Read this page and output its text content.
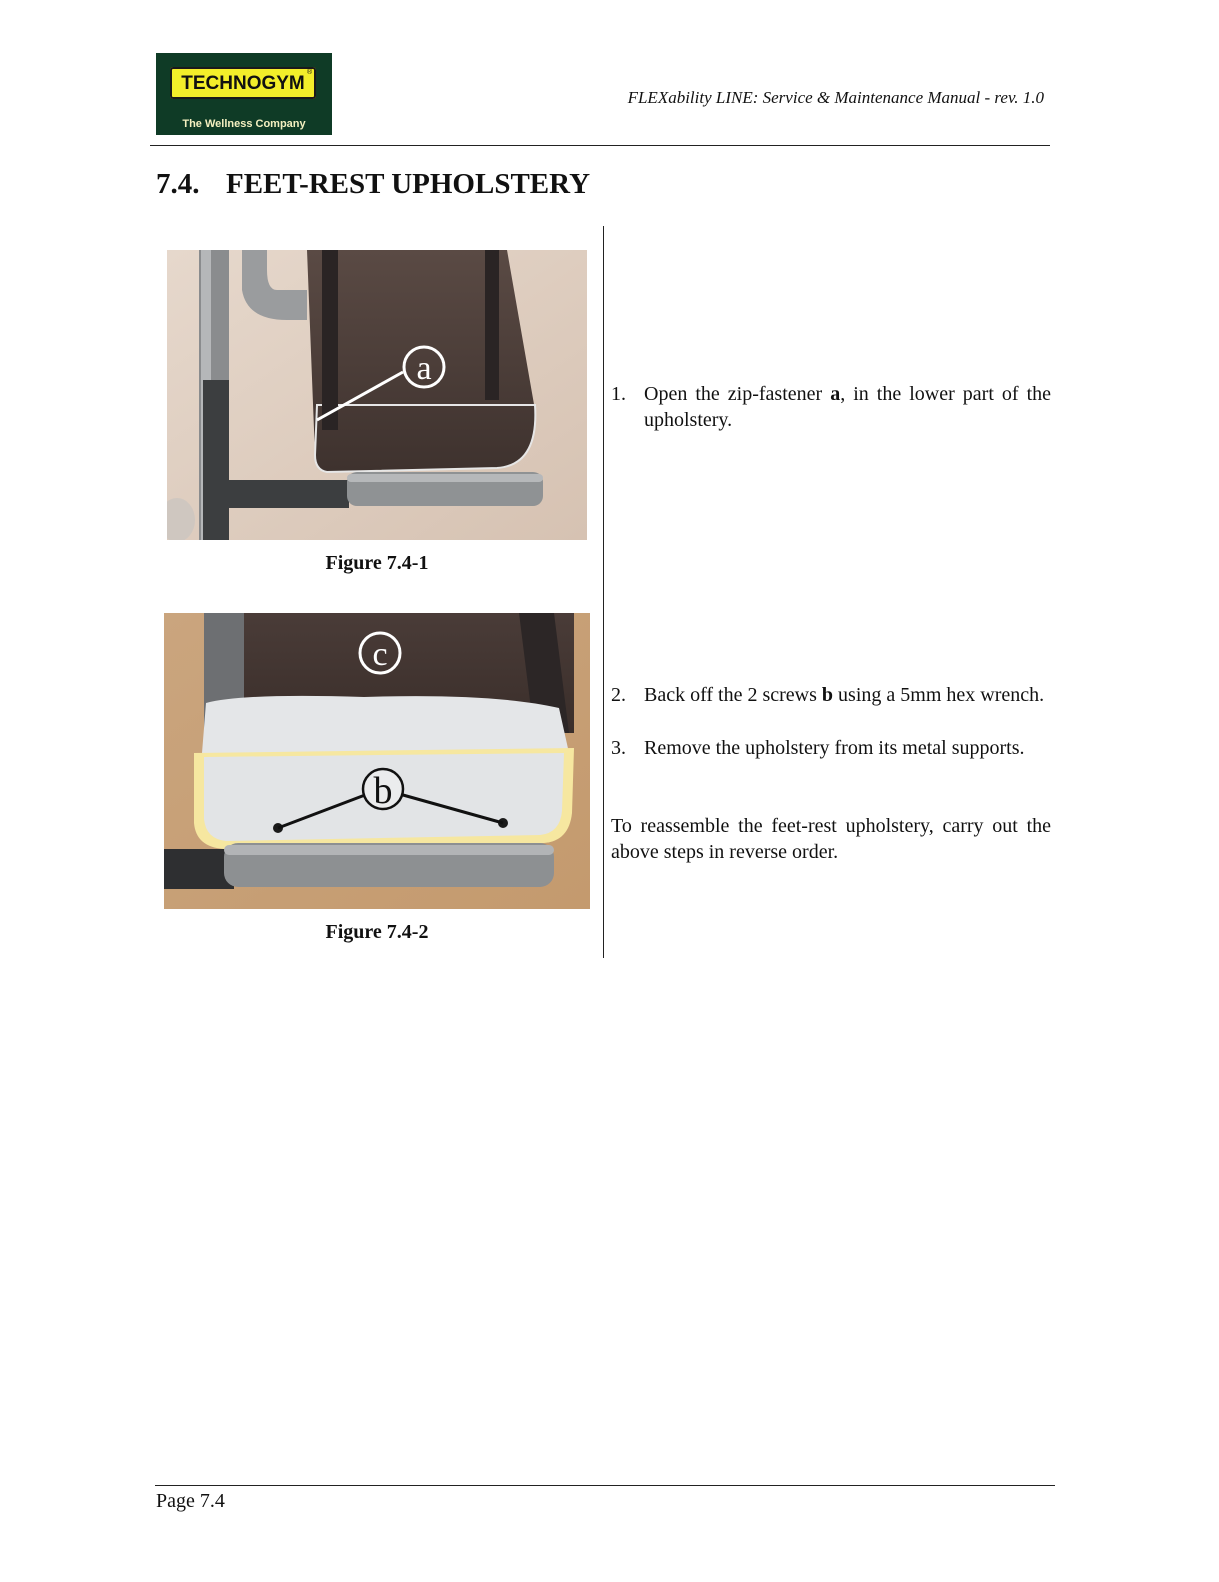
TECHNOGYM
®
The Wellness Company
FLEXability LINE: Service & Maintenance Manual - rev. 1.0
7.4. FEET-REST UPHOLSTERY
a
Figure 7.4-1
b
c
Figure 7.4-2
1. Open the zip-fastener a, in the lower part of the upholstery.
2. Back off the 2 screws b using a 5mm hex wrench.
3. Remove the upholstery from its metal supports.
To reassemble the feet-rest upholstery, carry out the above steps in reverse order.
Page 7.4
